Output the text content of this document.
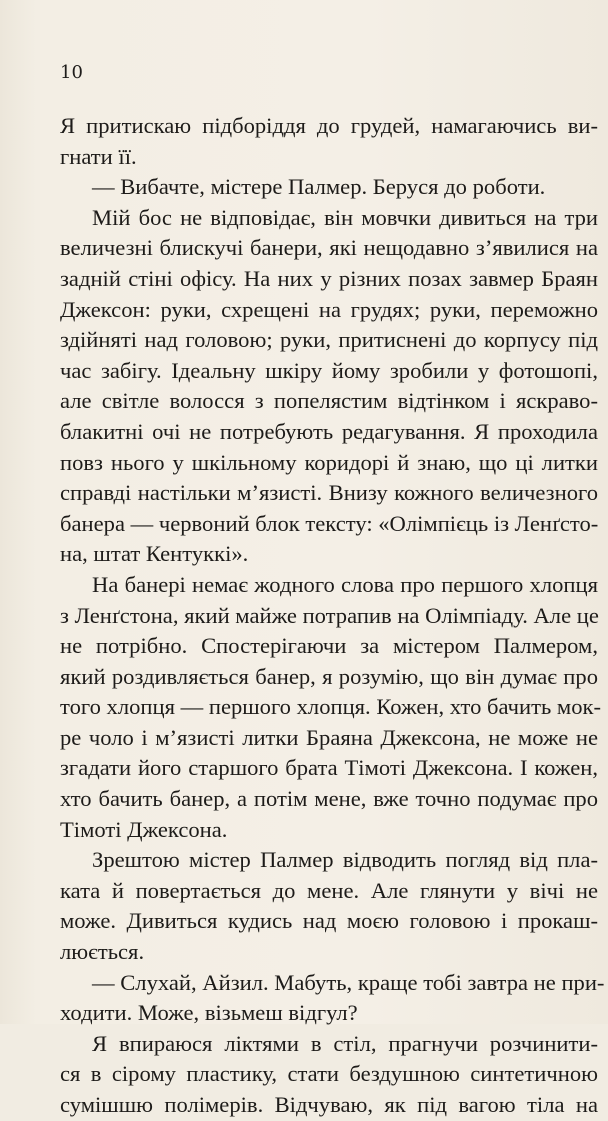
10

Я притискаю підборіддя до грудей, намагаючись ви-
гнати її.
— Вибачте, містере Палмер. Беруся до роботи.
Мій бос не відповідає, він мовчки дивиться на три
величезні блискучі банери, які нещодавно з’явилися на
задній стіні офісу. На них у різних позах завмер Браян
Джексон: руки, схрещені на грудях; руки, переможно
здійняті над головою; руки, притиснені до корпусу під
час забігу. Ідеальну шкіру йому зробили у фотошопі,
але світле волосся з попелястим відтінком і яскраво-
блакитні очі не потребують редагування. Я проходила
повз нього у шкільному коридорі й знаю, що ці литки
справді настільки м’язисті. Внизу кожного величезного
банера — червоний блок тексту: «Олімпієць із Ленґсто-
на, штат Кентуккі».
На банері немає жодного слова про першого хлопця
з Ленґстона, який майже потрапив на Олімпіаду. Але це
не потрібно. Спостерігаючи за містером Палмером,
який роздивляється банер, я розумію, що він думає про
того хлопця — першого хлопця. Кожен, хто бачить мок-
ре чоло і м’язисті литки Браяна Джексона, не може не
згадати його старшого брата Тімоті Джексона. І кожен,
хто бачить банер, а потім мене, вже точно подумає про
Тімоті Джексона.
Зрештою містер Палмер відводить погляд від пла-
ката й повертається до мене. Але глянути у вічі не
може. Дивиться кудись над моєю головою і прокаш-
люється.
— Слухай, Айзил. Мабуть, краще тобі завтра не при-
ходити. Може, візьмеш відгул?
Я впираюся ліктями в стіл, прагнучи розчинити-
ся в сірому пластику, стати бездушною синтетичною
сумішшю полімерів. Відчуваю, як під вагою тіла на
